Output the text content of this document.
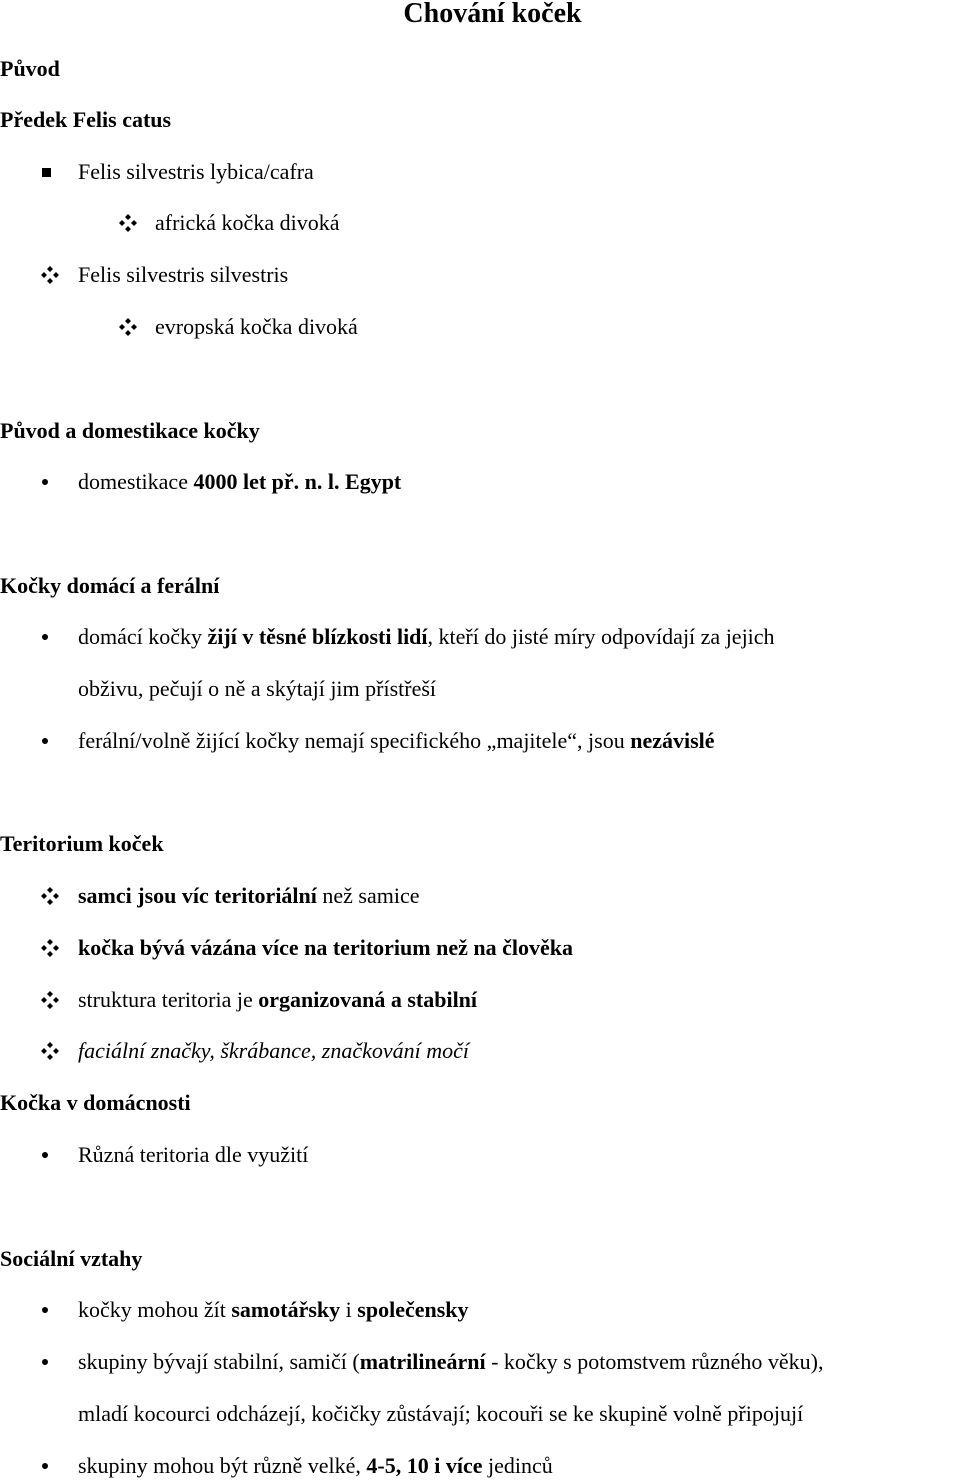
Chování koček
Původ
Předek Felis catus
Felis silvestris lybica/cafra
africká kočka divoká
Felis silvestris silvestris
evropská kočka divoká
Původ a domestikace kočky
domestikace 4000 let př. n. l. Egypt
Kočky domácí a ferální
domácí kočky žijí v těsné blízkosti lidí, kteří do jisté míry odpovídají za jejich
obživu, pečují o ně a skýtají jim přístřeší
ferální/volně žijící kočky nemají specifického „majitele“, jsou nezávislé
Teritorium koček
samci jsou víc teritoriální než samice
kočka bývá vázána více na teritorium než na člověka
struktura teritoria je organizovaná a stabilní
faciální značky, škrábance, značkování močí
Kočka v domácnosti
Různá teritoria dle využití
Sociální vztahy
kočky mohou žít samotářsky i společensky
skupiny bývají stabilní, samičí (matrilineární - kočky s potomstvem různého věku),
mladí kocourci odcházejí, kočičky zůstávají; kocouři se ke skupině volně připojují
skupiny mohou být různě velké, 4-5, 10 i více jedinců
